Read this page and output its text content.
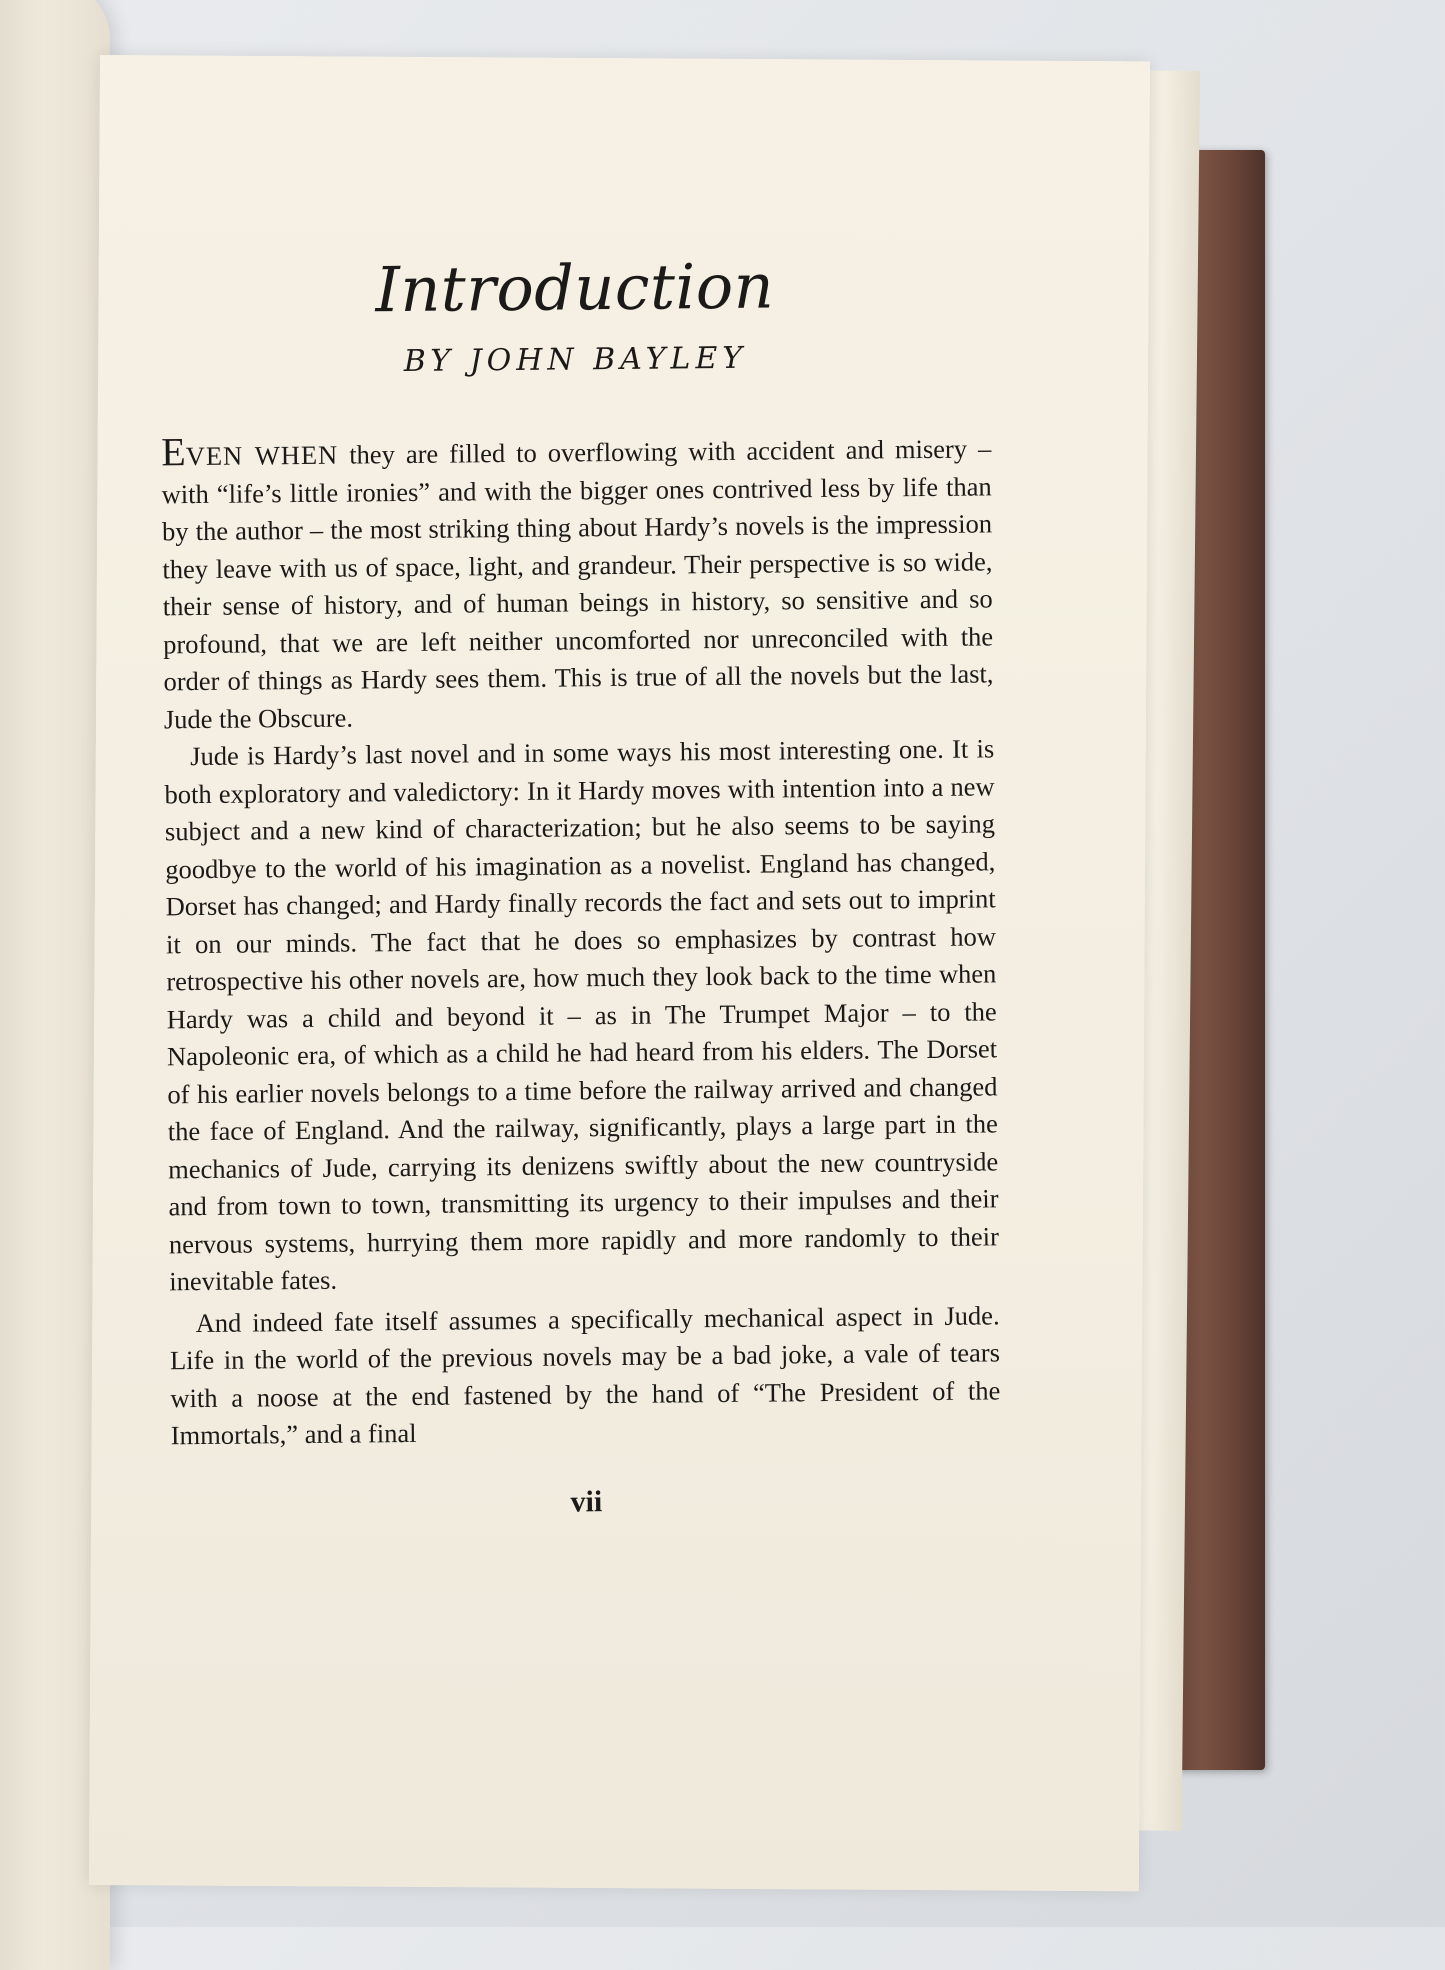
Introduction
BY JOHN BAYLEY

EVEN WHEN they are filled to overflowing with accident and misery – with “life’s little ironies” and with the bigger ones contrived less by life than by the author – the most striking thing about Hardy’s novels is the impression they leave with us of space, light, and grandeur. Their perspective is so wide, their sense of history, and of human beings in history, so sensitive and so profound, that we are left neither uncomforted nor unreconciled with the order of things as Hardy sees them. This is true of all the novels but the last, Jude the Obscure.

Jude is Hardy’s last novel and in some ways his most interesting one. It is both exploratory and valedictory: In it Hardy moves with intention into a new subject and a new kind of characterization; but he also seems to be saying goodbye to the world of his imagination as a novelist. England has changed, Dorset has changed; and Hardy finally records the fact and sets out to imprint it on our minds. The fact that he does so emphasizes by contrast how retrospective his other novels are, how much they look back to the time when Hardy was a child and beyond it – as in The Trumpet Major – to the Napoleonic era, of which as a child he had heard from his elders. The Dorset of his earlier novels belongs to a time before the railway arrived and changed the face of England. And the railway, significantly, plays a large part in the mechanics of Jude, carrying its denizens swiftly about the new countryside and from town to town, transmitting its urgency to their impulses and their nervous systems, hurrying them more rapidly and more randomly to their inevitable fates.

And indeed fate itself assumes a specifically mechanical aspect in Jude. Life in the world of the previous novels may be a bad joke, a vale of tears with a noose at the end fastened by the hand of “The President of the Immortals,” and a final

vii
